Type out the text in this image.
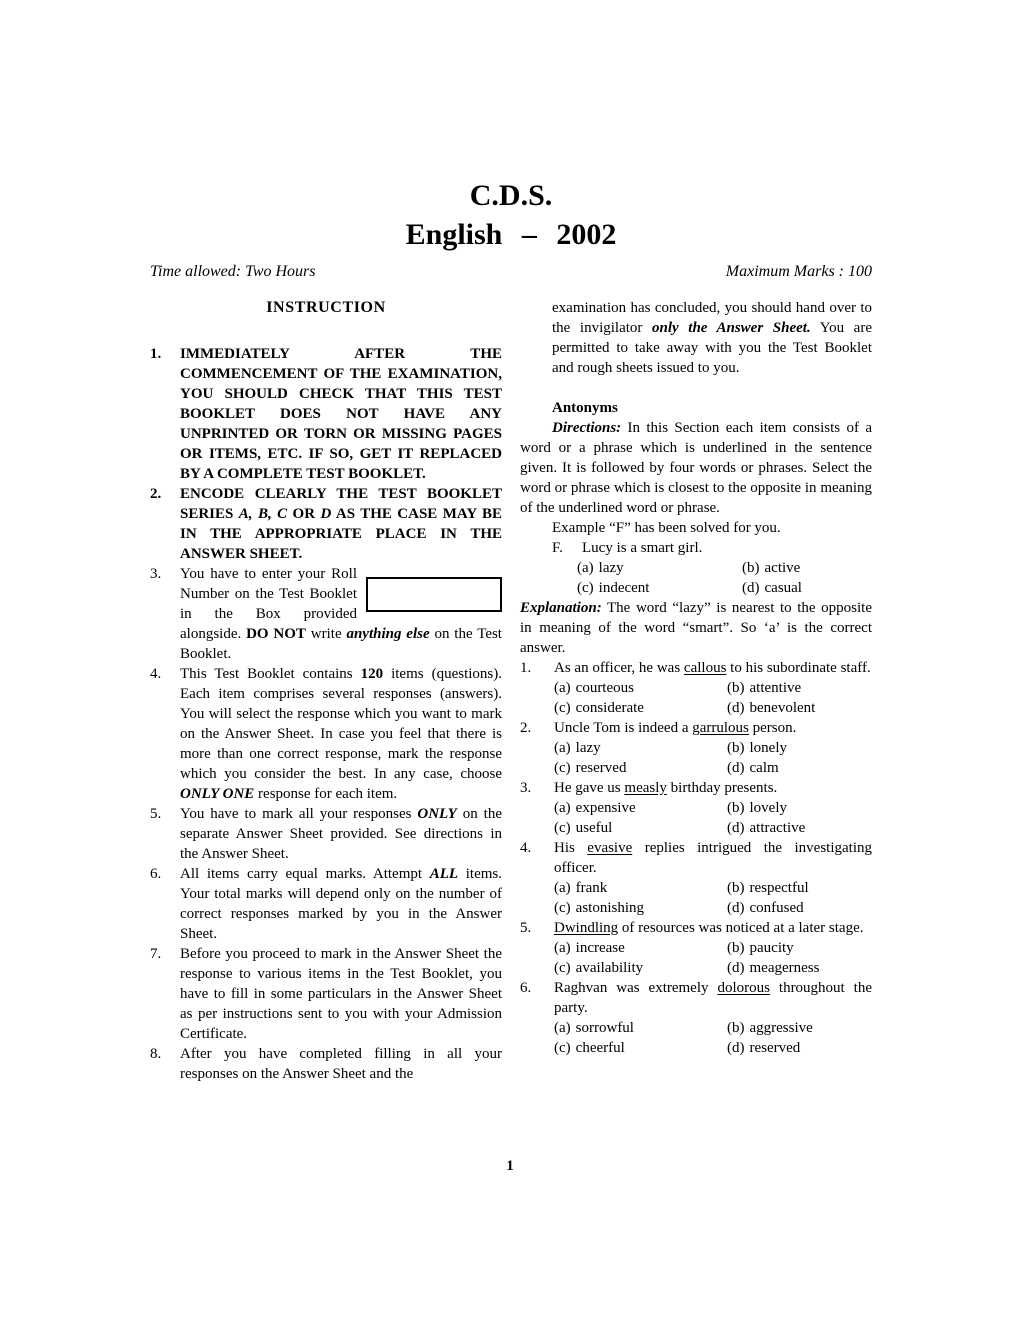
C.D.S.
English – 2002
Time allowed: Two Hours	Maximum Marks : 100
INSTRUCTION
1. IMMEDIATELY AFTER THE COMMENCEMENT OF THE EXAMINATION, YOU SHOULD CHECK THAT THIS TEST BOOKLET DOES NOT HAVE ANY UNPRINTED OR TORN OR MISSING PAGES OR ITEMS, ETC. IF SO, GET IT REPLACED BY A COMPLETE TEST BOOKLET.
2. ENCODE CLEARLY THE TEST BOOKLET SERIES A, B, C OR D AS THE CASE MAY BE IN THE APPROPRIATE PLACE IN THE ANSWER SHEET.
3. You have to enter your Roll Number on the Test Booklet in the Box provided alongside. DO NOT write anything else on the Test Booklet.
4. This Test Booklet contains 120 items (questions). Each item comprises several responses (answers). You will select the response which you want to mark on the Answer Sheet. In case you feel that there is more than one correct response, mark the response which you consider the best. In any case, choose ONLY ONE response for each item.
5. You have to mark all your responses ONLY on the separate Answer Sheet provided. See directions in the Answer Sheet.
6. All items carry equal marks. Attempt ALL items. Your total marks will depend only on the number of correct responses marked by you in the Answer Sheet.
7. Before you proceed to mark in the Answer Sheet the response to various items in the Test Booklet, you have to fill in some particulars in the Answer Sheet as per instructions sent to you with your Admission Certificate.
8. After you have completed filling in all your responses on the Answer Sheet and the

examination has concluded, you should hand over to the invigilator only the Answer Sheet. You are permitted to take away with you the Test Booklet and rough sheets issued to you.

Antonyms

Directions: In this Section each item consists of a word or a phrase which is underlined in the sentence given. It is followed by four words or phrases. Select the word or phrase which is closest to the opposite in meaning of the underlined word or phrase.

Example “F” has been solved for you.

F. Lucy is a smart girl.
(a) lazy	(b) active
(c) indecent	(d) casual

Explanation: The word “lazy” is nearest to the opposite in meaning of the word “smart”. So ‘a’ is the correct answer.

1. As an officer, he was callous to his subordinate staff.
(a) courteous	(b) attentive
(c) considerate	(d) benevolent
2. Uncle Tom is indeed a garrulous person.
(a) lazy	(b) lonely
(c) reserved	(d) calm
3. He gave us measly birthday presents.
(a) expensive	(b) lovely
(c) useful	(d) attractive
4. His evasive replies intrigued the investigating officer.
(a) frank	(b) respectful
(c) astonishing	(d) confused
5. Dwindling of resources was noticed at a later stage.
(a) increase	(b) paucity
(c) availability	(d) meagerness
6. Raghvan was extremely dolorous throughout the party.
(a) sorrowful	(b) aggressive
(c) cheerful	(d) reserved
1
